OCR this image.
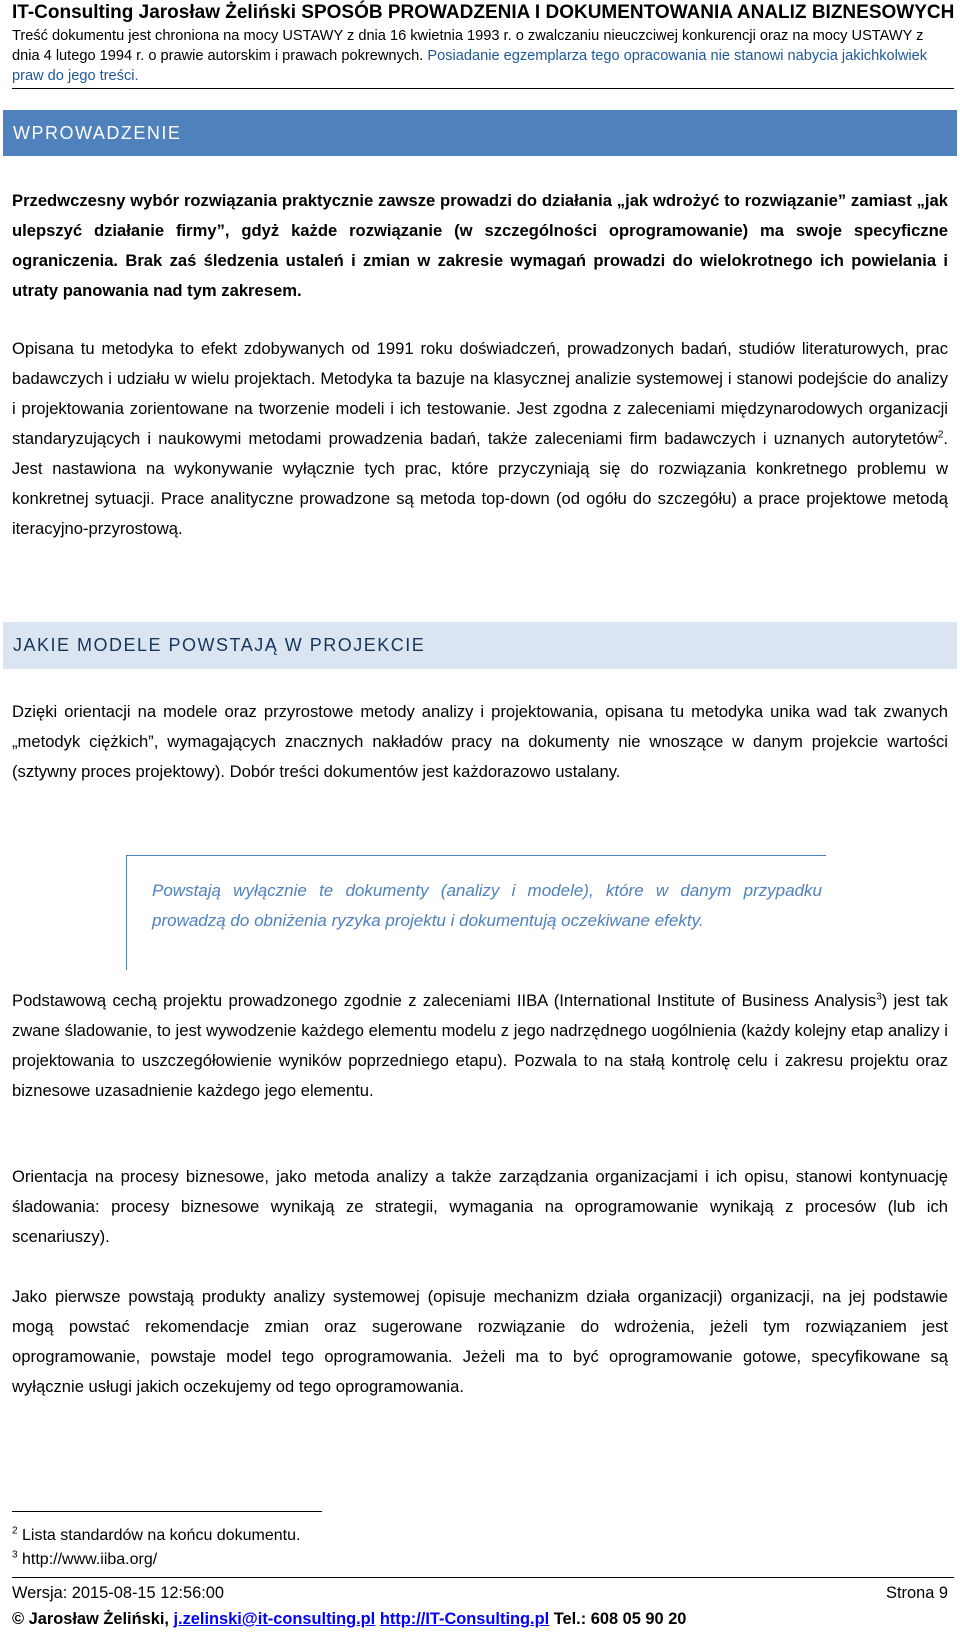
IT-Consulting Jarosław Żeliński SPOSÓB PROWADZENIA I DOKUMENTOWANIA ANALIZ BIZNESOWYCH
Treść dokumentu jest chroniona na mocy USTAWY z dnia 16 kwietnia 1993 r. o zwalczaniu nieuczciwej konkurencji oraz na mocy USTAWY z dnia 4 lutego 1994 r. o prawie autorskim i prawach pokrewnych. Posiadanie egzemplarza tego opracowania nie stanowi nabycia jakichkolwiek praw do jego treści.
WPROWADZENIE
Przedwczesny wybór rozwiązania praktycznie zawsze prowadzi do działania „jak wdrożyć to rozwiązanie” zamiast „jak ulepszyć działanie firmy”, gdyż każde rozwiązanie (w szczególności oprogramowanie) ma swoje specyficzne ograniczenia. Brak zaś śledzenia ustaleń i zmian w zakresie wymagań prowadzi do wielokrotnego ich powielania i utraty panowania nad tym zakresem.
Opisana tu metodyka to efekt zdobywanych od 1991 roku doświadczeń, prowadzonych badań, studiów literaturowych, prac badawczych i udziału w wielu projektach. Metodyka ta bazuje na klasycznej analizie systemowej i stanowi podejście do analizy i projektowania zorientowane na tworzenie modeli i ich testowanie. Jest zgodna z zaleceniami międzynarodowych organizacji standaryzujących i naukowymi metodami prowadzenia badań, także zaleceniami firm badawczych i uznanych autorytetów$^2$. Jest nastawiona na wykonywanie wyłącznie tych prac, które przyczyniają się do rozwiązania konkretnego problemu w konkretnej sytuacji. Prace analityczne prowadzone są metoda top-down (od ogółu do szczegółu) a prace projektowe metodą iteracyjno-przyrostową.
JAKIE MODELE POWSTAJĄ W PROJEKCIE
Dzięki orientacji na modele oraz przyrostowe metody analizy i projektowania, opisana tu metodyka unika wad tak zwanych „metodyk ciężkich”, wymagających znacznych nakładów pracy na dokumenty nie wnoszące w danym projekcie wartości (sztywny proces projektowy). Dobór treści dokumentów jest każdorazowo ustalany.
Powstają wyłącznie te dokumenty (analizy i modele), które w danym przypadku prowadzą do obniżenia ryzyka projektu i dokumentują oczekiwane efekty.
Podstawową cechą projektu prowadzonego zgodnie z zaleceniami IIBA (International Institute of Business Analysis$^3$) jest tak zwane śladowanie, to jest wywodzenie każdego elementu modelu z jego nadrzędnego uogólnienia (każdy kolejny etap analizy i projektowania to uszczegółowienie wyników poprzedniego etapu). Pozwala to na stałą kontrolę celu i zakresu projektu oraz biznesowe uzasadnienie każdego jego elementu.
Orientacja na procesy biznesowe, jako metoda analizy a także zarządzania organizacjami i ich opisu, stanowi kontynuację śladowania: procesy biznesowe wynikają ze strategii, wymagania na oprogramowanie wynikają z procesów (lub ich scenariuszy).
Jako pierwsze powstają produkty analizy systemowej (opisuje mechanizm działa organizacji) organizacji, na jej podstawie mogą powstać rekomendacje zmian oraz sugerowane rozwiązanie do wdrożenia, jeżeli tym rozwiązaniem jest oprogramowanie, powstaje model tego oprogramowania. Jeżeli ma to być oprogramowanie gotowe, specyfikowane są wyłącznie usługi jakich oczekujemy od tego oprogramowania.
$^2$ Lista standardów na końcu dokumentu.
$^3$ http://www.iiba.org/
Wersja: 2015-08-15 12:56:00	Strona 9
© Jarosław Żeliński, j.zelinski@it-consulting.pl http://IT-Consulting.pl Tel.: 608 05 90 20
